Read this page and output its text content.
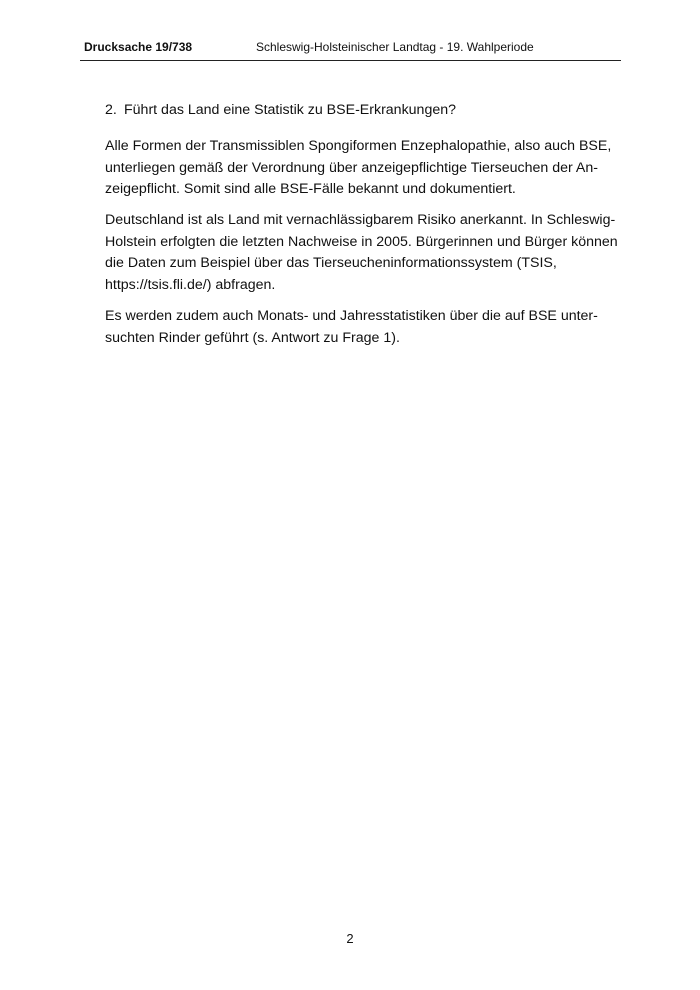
Drucksache 19/738	Schleswig-Holsteinischer Landtag - 19. Wahlperiode
2. Führt das Land eine Statistik zu BSE-Erkrankungen?

Alle Formen der Transmissiblen Spongiformen Enzephalopathie, also auch BSE,
unterliegen gemäß der Verordnung über anzeigepflichtige Tierseuchen der An-
zeigepflicht. Somit sind alle BSE-Fälle bekannt und dokumentiert.

Deutschland ist als Land mit vernachlässigbarem Risiko anerkannt. In Schleswig-
Holstein erfolgten die letzten Nachweise in 2005. Bürgerinnen und Bürger können
die Daten zum Beispiel über das Tierseucheninformationssystem (TSIS,
https://tsis.fli.de/) abfragen.

Es werden zudem auch Monats- und Jahresstatistiken über die auf BSE unter-
suchten Rinder geführt (s. Antwort zu Frage 1).

2
